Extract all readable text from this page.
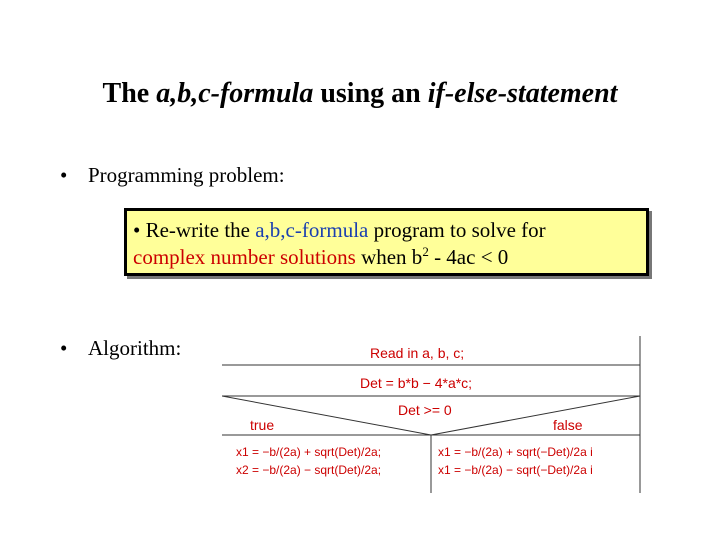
The a,b,c-formula using an if-else-statement
• Programming problem:
• Re-write the a,b,c-formula program to solve for
complex number solutions when $b^2 - 4ac < 0$
• Algorithm:	Read in a, b, c;
Det = b*b − 4*a*c;
Det >= 0
true	false
x1 = −b/(2a) + sqrt(Det)/2a;
x2 = −b/(2a) − sqrt(Det)/2a;
x1 = −b/(2a) + sqrt(−Det)/2a i
x1 = −b/(2a) − sqrt(−Det)/2a i
